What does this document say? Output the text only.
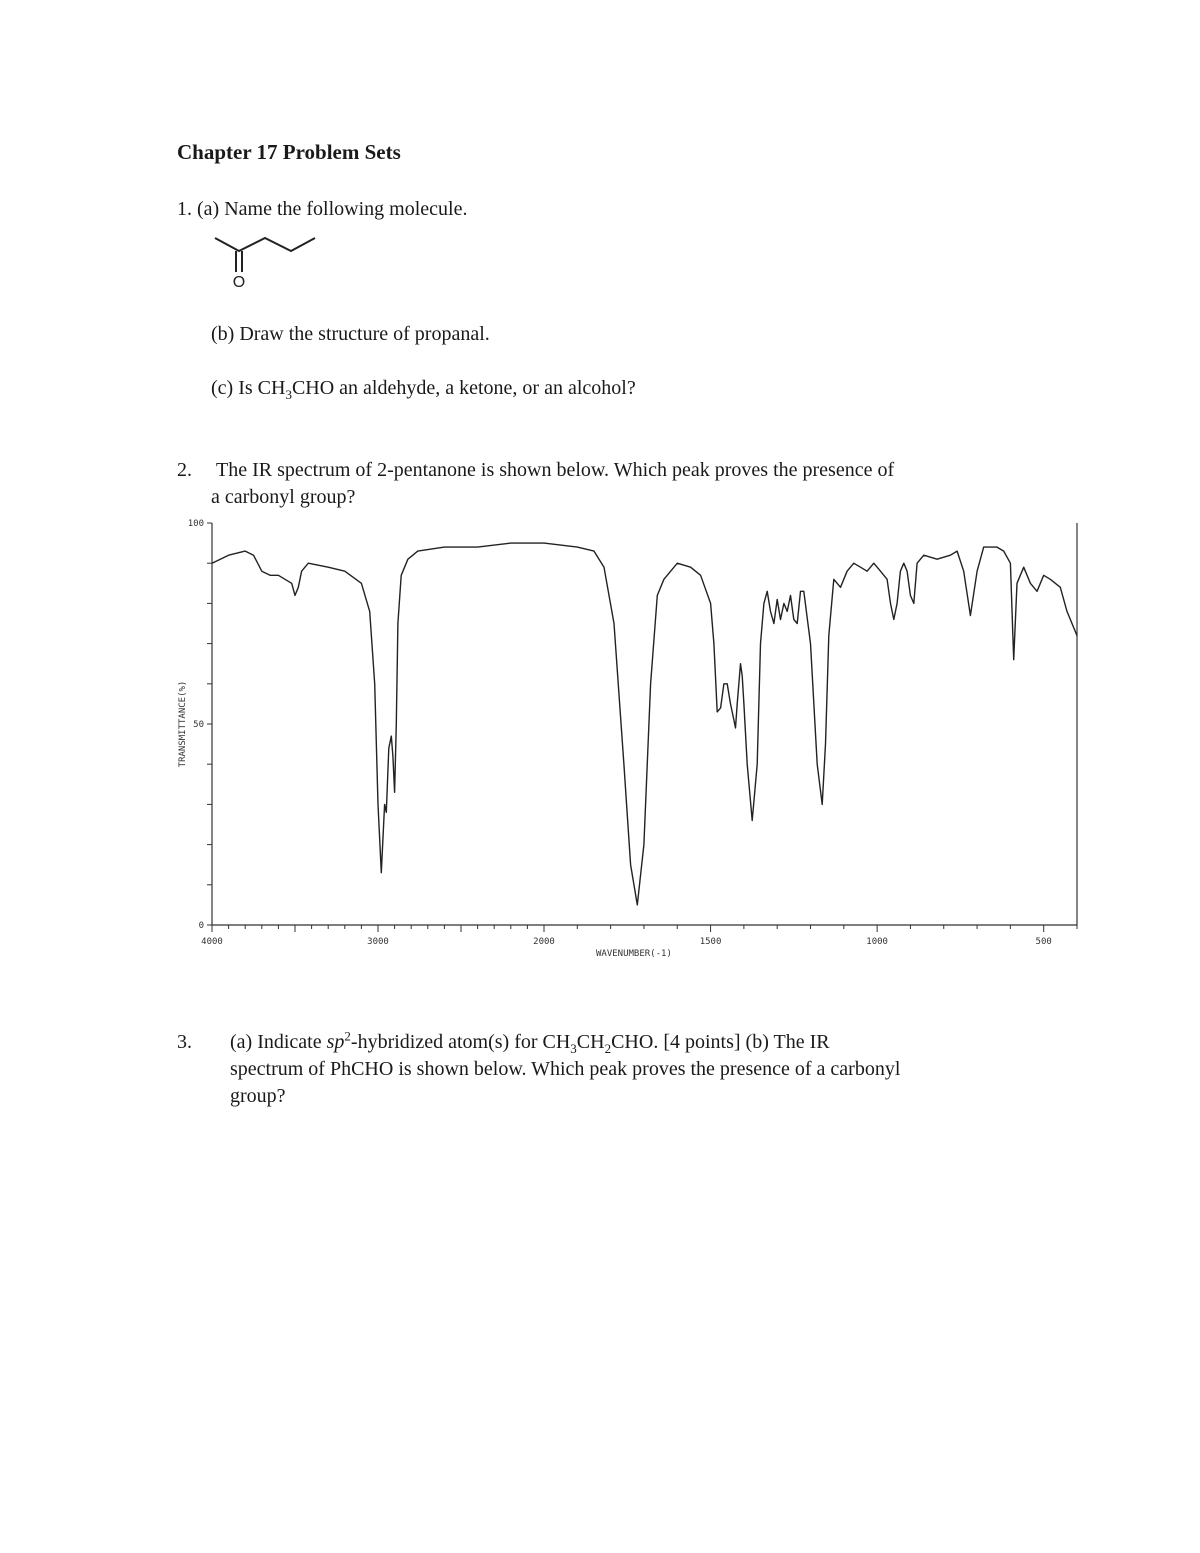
Chapter 17 Problem Sets
1. (a) Name the following molecule.
O
(b) Draw the structure of propanal.
(c) Is $CH_3CHO$ an aldehyde, a ketone, or an alcohol?
2. The IR spectrum of 2-pentanone is shown below. Which peak proves the presence of
a carbonyl group?
0
50
100
4000	3000	2000	1500	1000	500
WAVENUMBER(-1)
TRANSMITTANCE(%)
3. (a) Indicate $sp^2$-hybridized atom(s) for $CH_3CH_2CHO$. [4 points] (b) The IR
spectrum of PhCHO is shown below. Which peak proves the presence of a carbonyl
group?
